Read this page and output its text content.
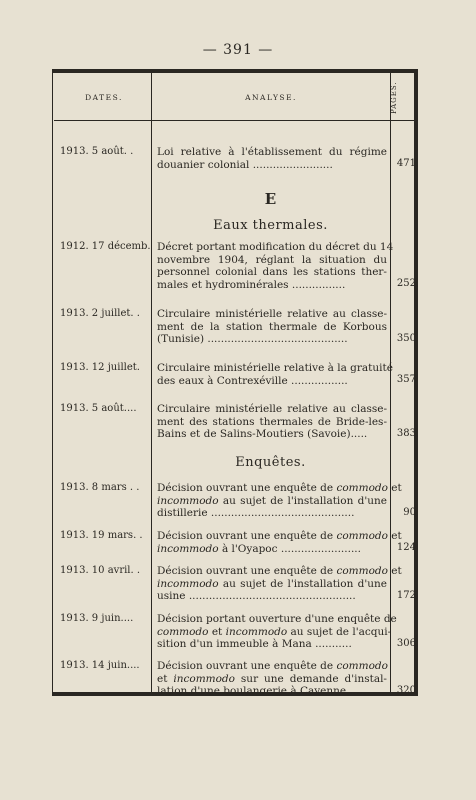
— 391 —
DATES.	ANALYSE.	PAGES.
1913. 5 août. .	Loi relative à l'établissement du régime
douanier colonial ........................	471
E
Eaux thermales.
1912. 17 décemb. Décret portant modification du décret du 14
novembre 1904, réglant la situation du
personnel colonial dans les stations ther-
males et hydrominérales ................	252
1913. 2 juillet. .	Circulaire ministérielle relative au classe-
ment de la station thermale de Korbous
(Tunisie) ..........................................	350
1913. 12 juillet.	Circulaire ministérielle relative à la gratuité
des eaux à Contrexéville .................	357
1913. 5 août....	Circulaire ministérielle relative au classe-
ment des stations thermales de Bride-les-
Bains et de Salins-Moutiers (Savoie).....	383
Enquêtes.
1913. 8 mars . .	Décision ouvrant une enquête de commodo et
incommodo au sujet de l'installation d'une
distillerie ...........................................	90
1913. 19 mars. .	Décision ouvrant une enquête de commodo et
incommodo à l'Oyapoc ........................	124
1913. 10 avril. .	Décision ouvrant une enquête de commodo et
incommodo au sujet de l'installation d'une
usine ..................................................	172
1913. 9 juin....	Décision portant ouverture d'une enquête de
commodo et incommodo au sujet de l'acqui-
sition d'un immeuble à Mana ...........	306
1913. 14 juin....	Décision ouvrant une enquête de commodo
et incommodo sur une demande d'instal-
lation d'une boulangerie à Cayenne......	320
